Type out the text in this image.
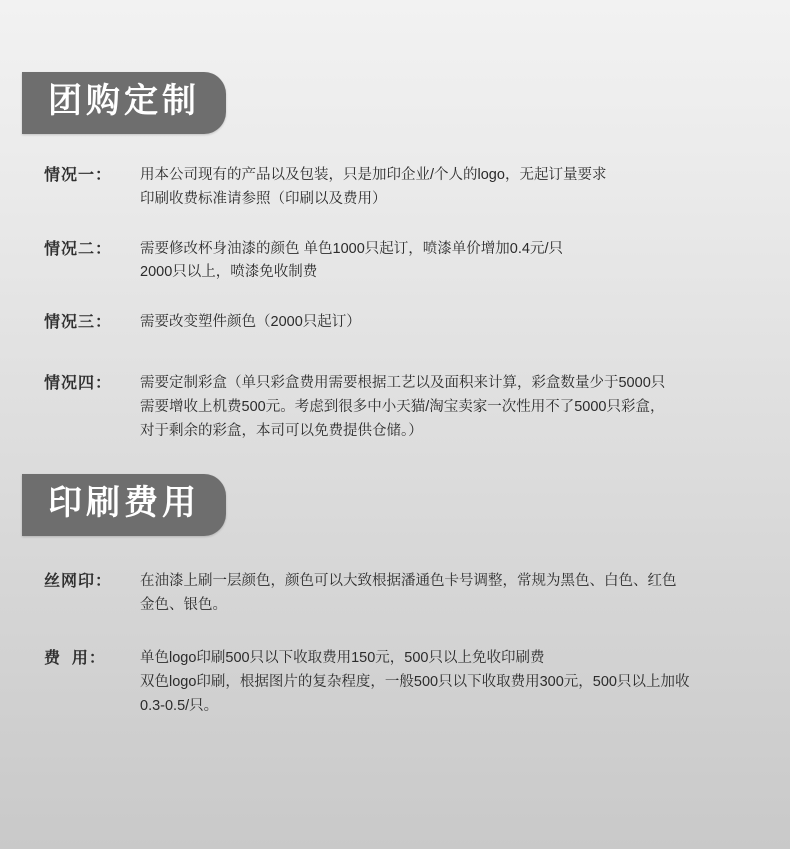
团购定制
情况一：	用本公司现有的产品以及包装，只是加印企业/个人的logo，无起订量要求
印刷收费标准请参照（印刷以及费用）
情况二：	需要修改杯身油漆的颜色 单色1000只起订，喷漆单价增加0.4元/只
2000只以上，喷漆免收制费
情况三：	需要改变塑件颜色（2000只起订）
情况四：	需要定制彩盒（单只彩盒费用需要根据工艺以及面积来计算，彩盒数量少于5000只
需要增收上机费500元。考虑到很多中小天猫/淘宝卖家一次性用不了5000只彩盒，
对于剩余的彩盒，本司可以免费提供仓储。）
印刷费用
丝网印：	在油漆上刷一层颜色，颜色可以大致根据潘通色卡号调整，常规为黑色、白色、红色
金色、银色。
费  用：	单色logo印刷500只以下收取费用150元，500只以上免收印刷费
双色logo印刷，根据图片的复杂程度，一般500只以下收取费用300元，500只以上加收
0.3-0.5/只。
